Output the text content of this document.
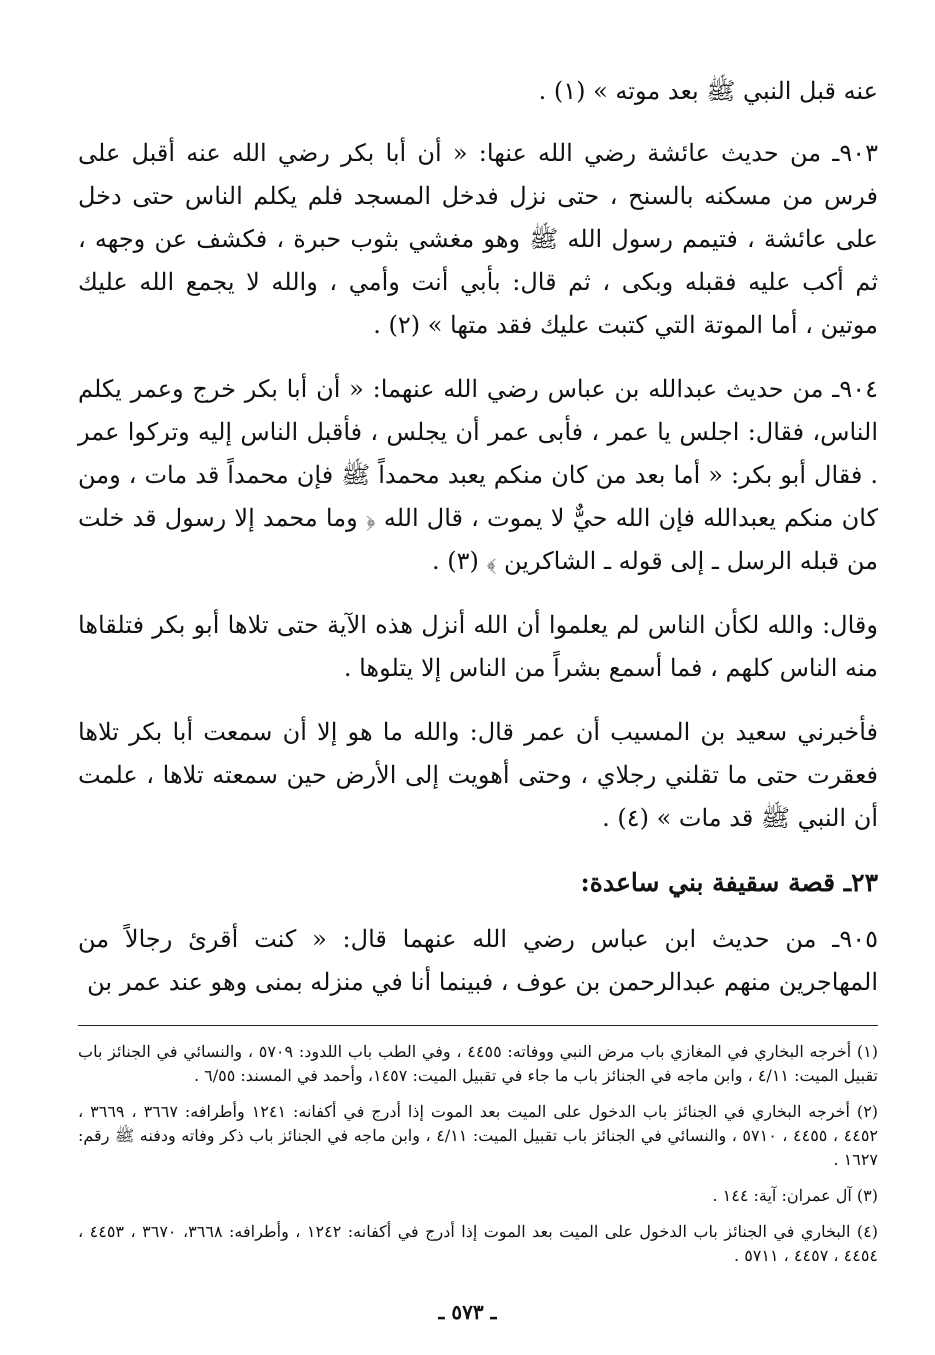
عنه قبل النبي ﷺ بعد موته » (١) .

٩٠٣ـ من حديث عائشة رضي الله عنها: « أن أبا بكر رضي الله عنه أقبل على فرس من مسكنه بالسنح ، حتى نزل فدخل المسجد فلم يكلم الناس حتى دخل على عائشة ، فتيمم رسول الله ﷺ وهو مغشي بثوب حبرة ، فكشف عن وجهه ، ثم أكب عليه فقبله وبكى ، ثم قال: بأبي أنت وأمي ، والله لا يجمع الله عليك موتين ، أما الموتة التي كتبت عليك فقد متها » (٢) .

٩٠٤ـ من حديث عبدالله بن عباس رضي الله عنهما: « أن أبا بكر خرج وعمر يكلم الناس، فقال: اجلس يا عمر ، فأبى عمر أن يجلس ، فأقبل الناس إليه وتركوا عمر . فقال أبو بكر: « أما بعد من كان منكم يعبد محمداً ﷺ فإن محمداً قد مات ، ومن كان منكم يعبدالله فإن الله حيٌّ لا يموت ، قال الله ﴿ وما محمد إلا رسول قد خلت من قبله الرسل ـ إلى قوله ـ الشاكرين ﴾ (٣) .

وقال: والله لكأن الناس لم يعلموا أن الله أنزل هذه الآية حتى تلاها أبو بكر فتلقاها منه الناس كلهم ، فما أسمع بشراً من الناس إلا يتلوها .

فأخبرني سعيد بن المسيب أن عمر قال: والله ما هو إلا أن سمعت أبا بكر تلاها فعقرت حتى ما تقلني رجلاي ، وحتى أهويت إلى الأرض حين سمعته تلاها ، علمت أن النبي ﷺ قد مات » (٤) .

٢٣ـ قصة سقيفة بني ساعدة:

٩٠٥ـ من حديث ابن عباس رضي الله عنهما قال: « كنت أقرئ رجالاً من المهاجرين منهم عبدالرحمن بن عوف ، فبينما أنا في منزله بمنى وهو عند عمر بن

(١) أخرجه البخاري في المغازي باب مرض النبي ووفاته: ٤٤٥٥ ، وفي الطب باب اللدود: ٥٧٠٩ ، والنسائي في الجنائز باب تقبيل الميت: ٤/١١ ، وابن ماجه في الجنائز باب ما جاء في تقبيل الميت: ١٤٥٧، وأحمد في المسند: ٦/٥٥ .

(٢) أخرجه البخاري في الجنائز باب الدخول على الميت بعد الموت إذا أدرج في أكفانه: ١٢٤١ وأطرافه: ٣٦٦٧ ، ٣٦٦٩ ، ٤٤٥٢ ، ٤٤٥٥ ، ٥٧١٠ ، والنسائي في الجنائز باب تقبيل الميت: ٤/١١ ، وابن ماجه في الجنائز باب ذكر وفاته ودفنه ﷺ رقم: ١٦٢٧ .

(٣) آل عمران: آية: ١٤٤ .

(٤) البخاري في الجنائز باب الدخول على الميت بعد الموت إذا أدرج في أكفانه: ١٢٤٢ ، وأطرافه: ٣٦٦٨، ٣٦٧٠ ، ٤٤٥٣ ، ٤٤٥٤ ، ٤٤٥٧ ، ٥٧١١ .

ـ ٥٧٣ ـ
